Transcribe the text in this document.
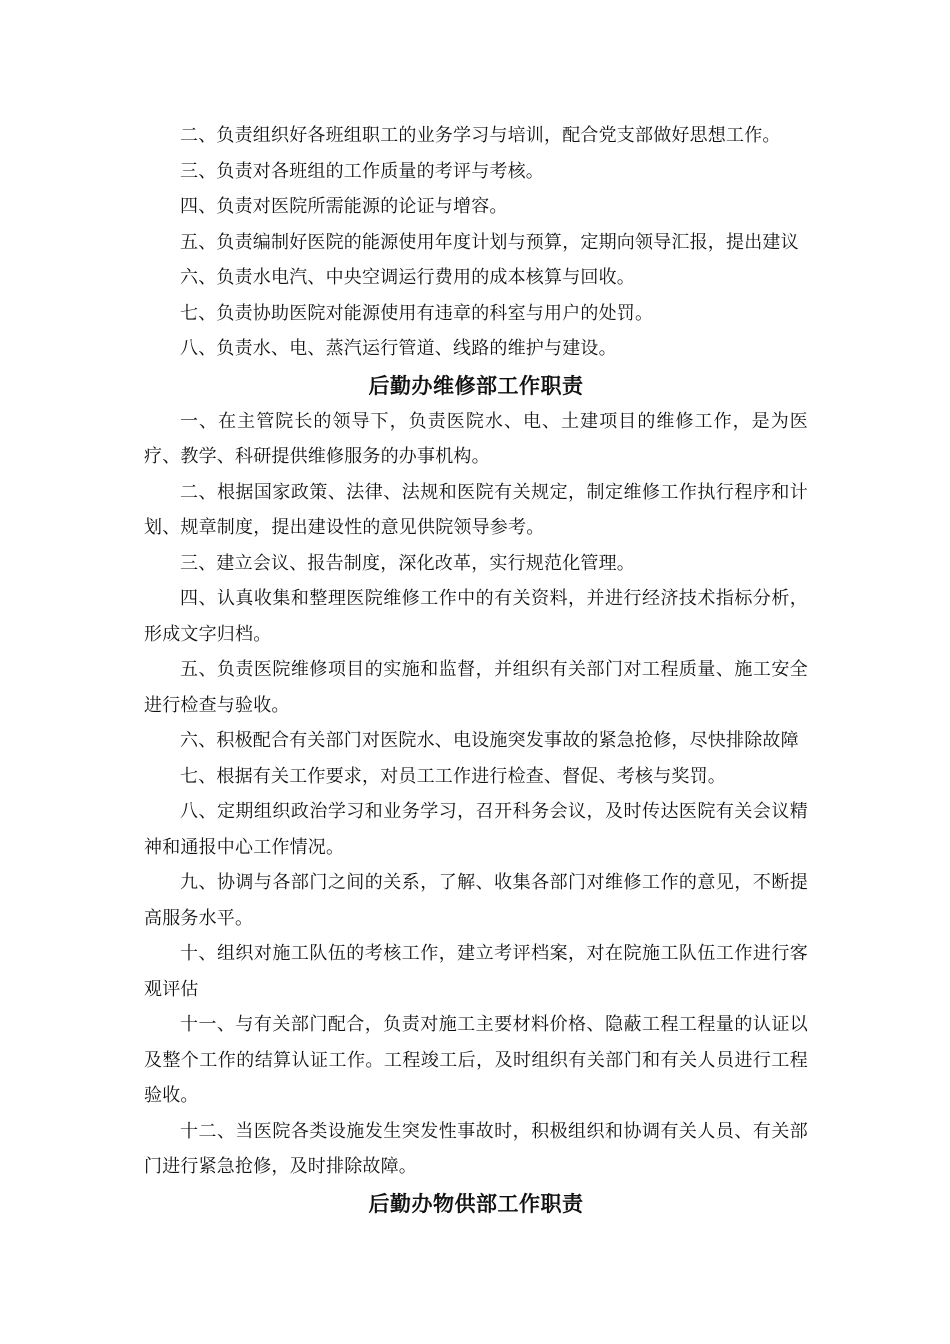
二、负责组织好各班组职工的业务学习与培训，配合党支部做好思想工作。

三、负责对各班组的工作质量的考评与考核。

四、负责对医院所需能源的论证与增容。

五、负责编制好医院的能源使用年度计划与预算，定期向领导汇报，提出建议

六、负责水电汽、中央空调运行费用的成本核算与回收。

七、负责协助医院对能源使用有违章的科室与用户的处罚。

八、负责水、电、蒸汽运行管道、线路的维护与建设。

后勤办维修部工作职责

一、在主管院长的领导下，负责医院水、电、土建项目的维修工作，是为医疗、教学、科研提供维修服务的办事机构。

二、根据国家政策、法律、法规和医院有关规定，制定维修工作执行程序和计划、规章制度，提出建设性的意见供院领导参考。

三、建立会议、报告制度，深化改革，实行规范化管理。

四、认真收集和整理医院维修工作中的有关资料，并进行经济技术指标分析，形成文字归档。

五、负责医院维修项目的实施和监督，并组织有关部门对工程质量、施工安全进行检查与验收。

六、积极配合有关部门对医院水、电设施突发事故的紧急抢修，尽快排除故障

七、根据有关工作要求，对员工工作进行检查、督促、考核与奖罚。

八、定期组织政治学习和业务学习，召开科务会议，及时传达医院有关会议精神和通报中心工作情况。

九、协调与各部门之间的关系，了解、收集各部门对维修工作的意见，不断提高服务水平。

十、组织对施工队伍的考核工作，建立考评档案，对在院施工队伍工作进行客观评估

十一、与有关部门配合，负责对施工主要材料价格、隐蔽工程工程量的认证以及整个工作的结算认证工作。工程竣工后，及时组织有关部门和有关人员进行工程验收。

十二、当医院各类设施发生突发性事故时，积极组织和协调有关人员、有关部门进行紧急抢修，及时排除故障。

后勤办物供部工作职责
